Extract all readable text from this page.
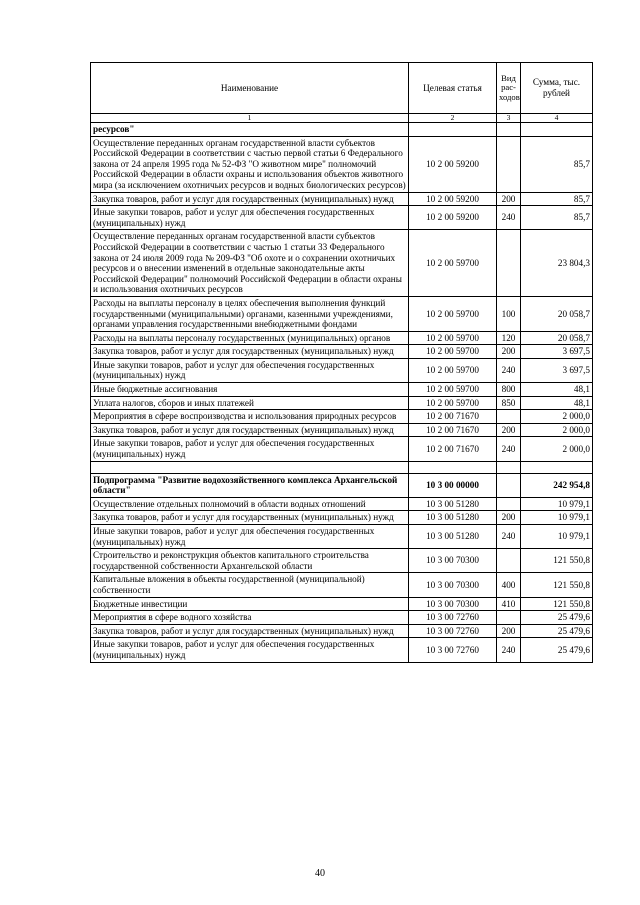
Наименование	Целевая статья	Вид рас-ходов	Сумма, тыс. рублей
1	2	3	4
ресурсов"			
Осуществление переданных органам государственной власти субъектов Российской Федерации в соответствии с частью первой статьи 6 Федерального закона от 24 апреля 1995 года № 52-ФЗ "О животном мире" полномочий Российской Федерации в области охраны и использования объектов животного мира (за исключением охотничьих ресурсов и водных биологических ресурсов)	10 2 00 59200		85,7
Закупка товаров, работ и услуг для государственных (муниципальных) нужд	10 2 00 59200	200	85,7
Иные закупки товаров, работ и услуг для обеспечения государственных (муниципальных) нужд	10 2 00 59200	240	85,7
Осуществление переданных органам государственной власти субъектов Российской Федерации в соответствии с частью 1 статьи 33 Федерального закона от 24 июля 2009 года № 209-ФЗ "Об охоте и о сохранении охотничьих ресурсов и о внесении изменений в отдельные законодательные акты Российской Федерации" полномочий Российской Федерации в области охраны и использования охотничьих ресурсов	10 2 00 59700		23 804,3
Расходы на выплаты персоналу в целях обеспечения выполнения функций государственными (муниципальными) органами, казенными учреждениями, органами управления государственными внебюджетными фондами	10 2 00 59700	100	20 058,7
Расходы на выплаты персоналу государственных (муниципальных) органов	10 2 00 59700	120	20 058,7
Закупка товаров, работ и услуг для государственных (муниципальных) нужд	10 2 00 59700	200	3 697,5
Иные закупки товаров, работ и услуг для обеспечения государственных (муниципальных) нужд	10 2 00 59700	240	3 697,5
Иные бюджетные ассигнования	10 2 00 59700	800	48,1
Уплата налогов, сборов и иных платежей	10 2 00 59700	850	48,1
Мероприятия в сфере воспроизводства и использования природных ресурсов	10 2 00 71670		2 000,0
Закупка товаров, работ и услуг для государственных (муниципальных) нужд	10 2 00 71670	200	2 000,0
Иные закупки товаров, работ и услуг для обеспечения государственных (муниципальных) нужд	10 2 00 71670	240	2 000,0

Подпрограмма "Развитие водохозяйственного комплекса Архангельской области"	10 3 00 00000		242 954,8
Осуществление отдельных полномочий в области водных отношений	10 3 00 51280		10 979,1
Закупка товаров, работ и услуг для государственных (муниципальных) нужд	10 3 00 51280	200	10 979,1
Иные закупки товаров, работ и услуг для обеспечения государственных (муниципальных) нужд	10 3 00 51280	240	10 979,1
Строительство и реконструкция объектов капитального строительства государственной собственности Архангельской области	10 3 00 70300		121 550,8
Капитальные вложения в объекты государственной (муниципальной) собственности	10 3 00 70300	400	121 550,8
Бюджетные инвестиции	10 3 00 70300	410	121 550,8
Мероприятия в сфере водного хозяйства	10 3 00 72760		25 479,6
Закупка товаров, работ и услуг для государственных (муниципальных) нужд	10 3 00 72760	200	25 479,6
Иные закупки товаров, работ и услуг для обеспечения государственных (муниципальных) нужд	10 3 00 72760	240	25 479,6
40
